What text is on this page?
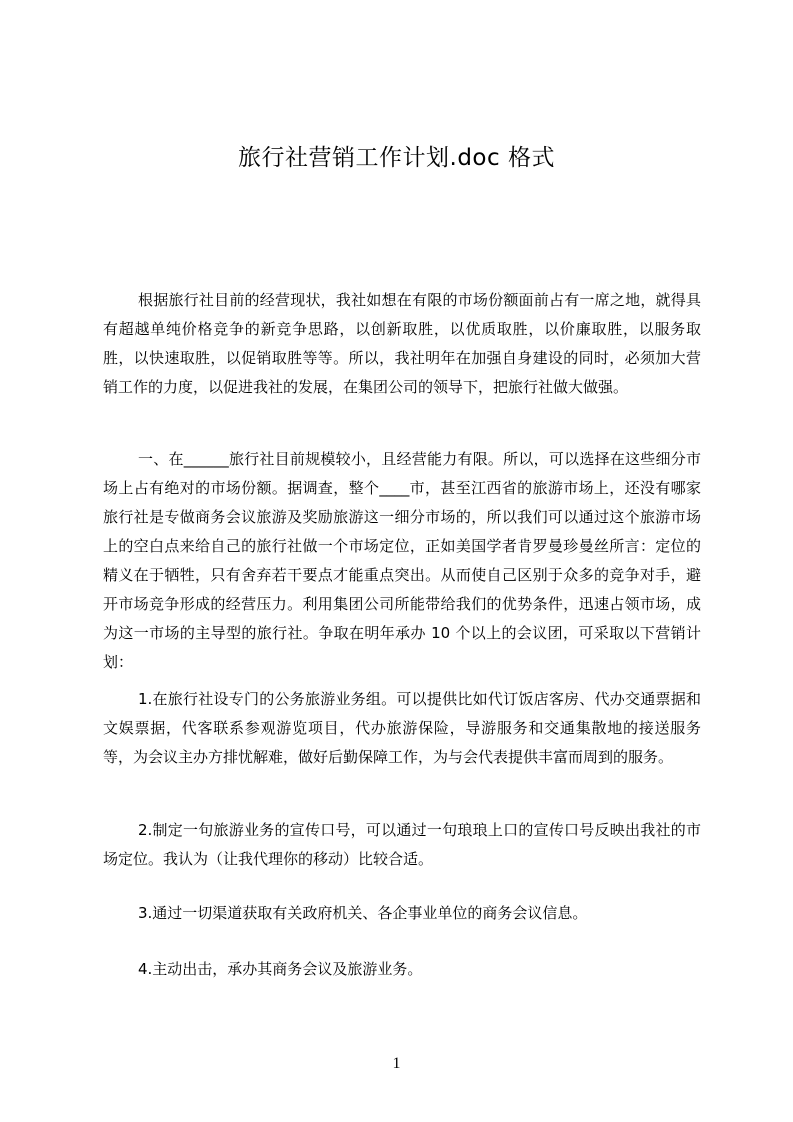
旅行社营销工作计划.doc 格式

根据旅行社目前的经营现状，我社如想在有限的市场份额面前占有一席之地，就得具有超越单纯价格竞争的新竞争思路，以创新取胜，以优质取胜，以价廉取胜，以服务取胜，以快速取胜，以促销取胜等等。所以，我社明年在加强自身建设的同时，必须加大营销工作的力度，以促进我社的发展，在集团公司的领导下，把旅行社做大做强。

一、在______旅行社目前规模较小，且经营能力有限。所以，可以选择在这些细分市场上占有绝对的市场份额。据调查，整个____市，甚至江西省的旅游市场上，还没有哪家旅行社是专做商务会议旅游及奖励旅游这一细分市场的，所以我们可以通过这个旅游市场上的空白点来给自己的旅行社做一个市场定位，正如美国学者肯罗曼珍曼丝所言：定位的精义在于牺牲，只有舍弃若干要点才能重点突出。从而使自己区别于众多的竞争对手，避开市场竞争形成的经营压力。利用集团公司所能带给我们的优势条件，迅速占领市场，成为这一市场的主导型的旅行社。争取在明年承办 10 个以上的会议团，可采取以下营销计划：

1.在旅行社设专门的公务旅游业务组。可以提供比如代订饭店客房、代办交通票据和文娱票据，代客联系参观游览项目，代办旅游保险，导游服务和交通集散地的接送服务等，为会议主办方排忧解难，做好后勤保障工作，为与会代表提供丰富而周到的服务。

2.制定一句旅游业务的宣传口号，可以通过一句琅琅上口的宣传口号反映出我社的市场定位。我认为（让我代理你的移动）比较合适。

3.通过一切渠道获取有关政府机关、各企事业单位的商务会议信息。

4.主动出击，承办其商务会议及旅游业务。

1
